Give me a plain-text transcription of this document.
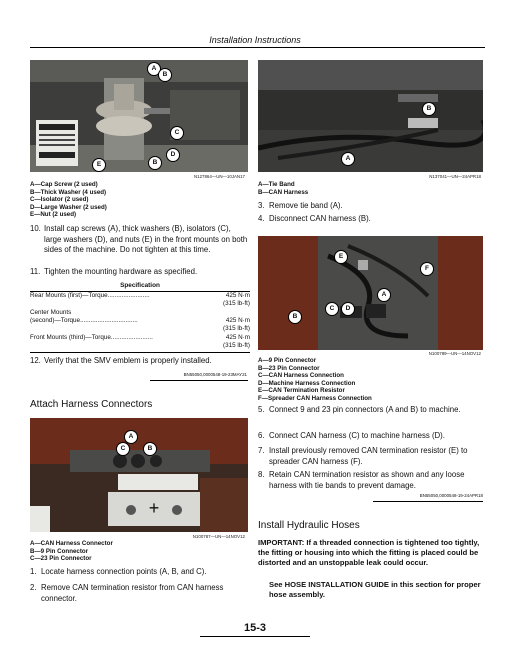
Installation Instructions
A
B
C
D
E	B
N127864—UN—10JAN17
A—Cap Screw (2 used)
B—Thick Washer (4 used)
C—Isolator (2 used)
D—Large Washer (2 used)
E—Nut (2 used)
10. Install cap screws (A), thick washers (B), isolators (C), large washers (D), and nuts (E) in the front mounts on both sides of the machine. Do not tighten at this time.
11. Tighten the mounting hardware as specified.
Specification
Rear Mounts (first)—Torque........................	425 N·m
(315 lb-ft)
Center Mounts
(second)—Torque.................................	425 N·m
(315 lb-ft)
Front Mounts (third)—Torque........................	425 N·m
(315 lb-ft)
12. Verify that the SMV emblem is properly installed.
BN55050,0000548-19-23MAY21
Attach Harness Connectors
+
A
C	B
N100787—UN—14NOV12
A—CAN Harness Connector
B—9 Pin Connector
C—23 Pin Connector
1. Locate harness connection points (A, B, and C).
2. Remove CAN termination resistor from CAN harness connector.
B
A
N137041—UN—24APR18
A—Tie Band
B—CAN Harness
3. Remove tie band (A).
4. Disconnect CAN harness (B).
E
F
A
B
C	D
N100789—UN—14NOV12
A—9 Pin Connector
B—23 Pin Connector
C—CAN Harness Connection
D—Machine Harness Connection
E—CAN Termination Resistor
F—Spreader CAN Harness Connection
5. Connect 9 and 23 pin connectors (A and B) to machine.
6. Connect CAN harness (C) to machine harness (D).
7. Install previously removed CAN termination resistor (E) to spreader CAN harness (F).
8. Retain CAN termination resistor as shown and any loose harness with tie bands to prevent damage.
BN55050,0000548-19-24APR18
Install Hydraulic Hoses
IMPORTANT: If a threaded connection is tightened too tightly, the fitting or housing into which the fitting is placed could be distorted and an unstoppable leak could occur.
See HOSE INSTALLATION GUIDE in this section for proper hose assembly.
15-3
